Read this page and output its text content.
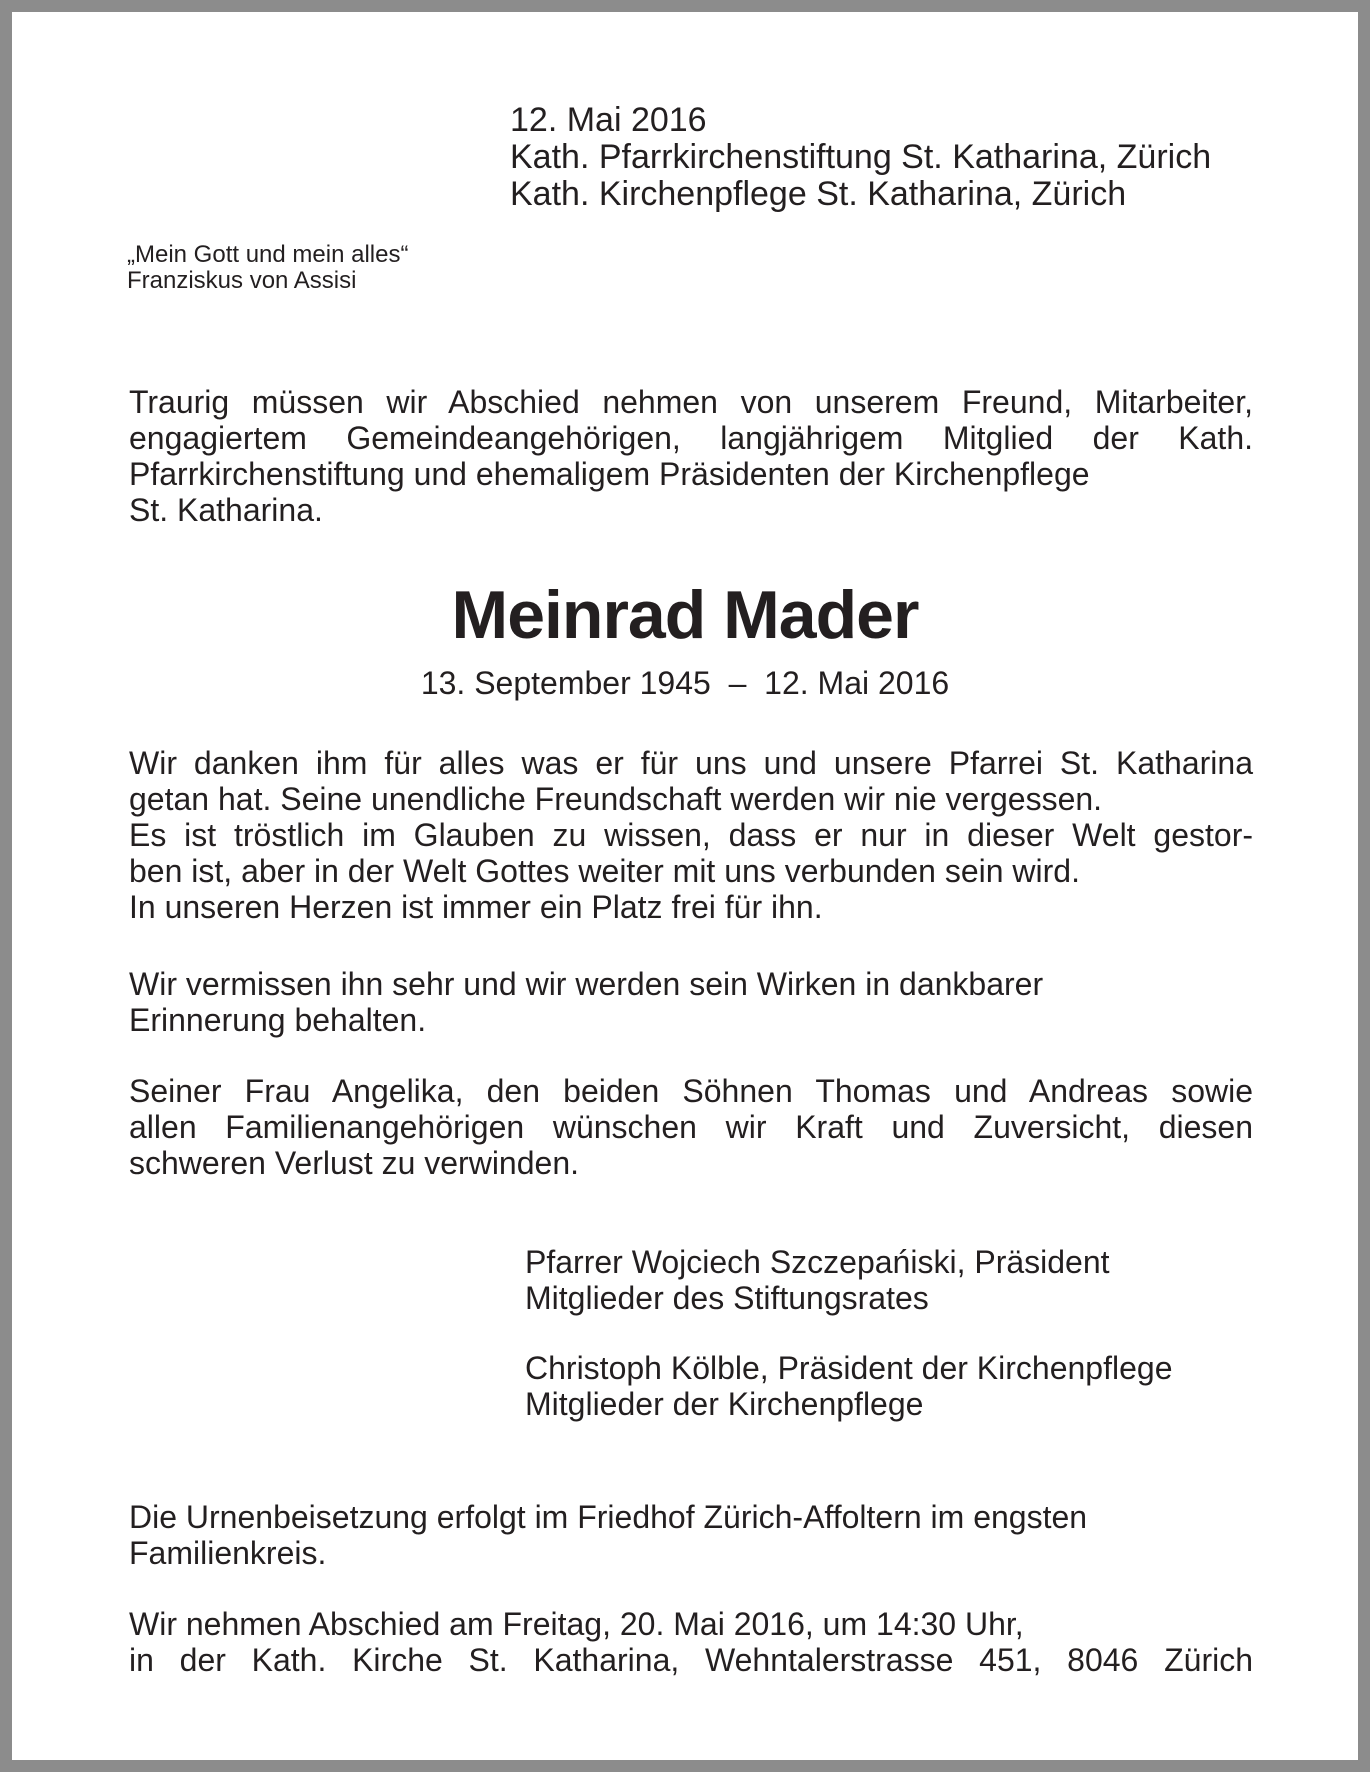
12. Mai 2016
Kath. Pfarrkirchenstiftung St. Katharina, Zürich
Kath. Kirchenpflege St. Katharina, Zürich
„Mein Gott und mein alles“
Franziskus von Assisi
Traurig müssen wir Abschied nehmen von unserem Freund, Mitarbeiter,
engagiertem Gemeindeangehörigen, langjährigem Mitglied der Kath.
Pfarrkirchenstiftung und ehemaligem Präsidenten der Kirchenpflege
St. Katharina.
Meinrad Mader
13. September 1945  –  12. Mai 2016
Wir danken ihm für alles was er für uns und unsere Pfarrei St. Katharina
getan hat. Seine unendliche Freundschaft werden wir nie vergessen.
Es ist tröstlich im Glauben zu wissen, dass er nur in dieser Welt gestor-
ben ist, aber in der Welt Gottes weiter mit uns verbunden sein wird.
In unseren Herzen ist immer ein Platz frei für ihn.
Wir vermissen ihn sehr und wir werden sein Wirken in dankbarer
Erinnerung behalten.
Seiner Frau Angelika, den beiden Söhnen Thomas und Andreas sowie
allen Familienangehörigen wünschen wir Kraft und Zuversicht, diesen
schweren Verlust zu verwinden.
Pfarrer Wojciech Szczepańiski, Präsident
Mitglieder des Stiftungsrates
Christoph Kölble, Präsident der Kirchenpflege
Mitglieder der Kirchenpflege
Die Urnenbeisetzung erfolgt im Friedhof Zürich-Affoltern im engsten
Familienkreis.
Wir nehmen Abschied am Freitag, 20. Mai 2016, um 14:30 Uhr,
in der Kath. Kirche St. Katharina, Wehntalerstrasse 451, 8046 Zürich
